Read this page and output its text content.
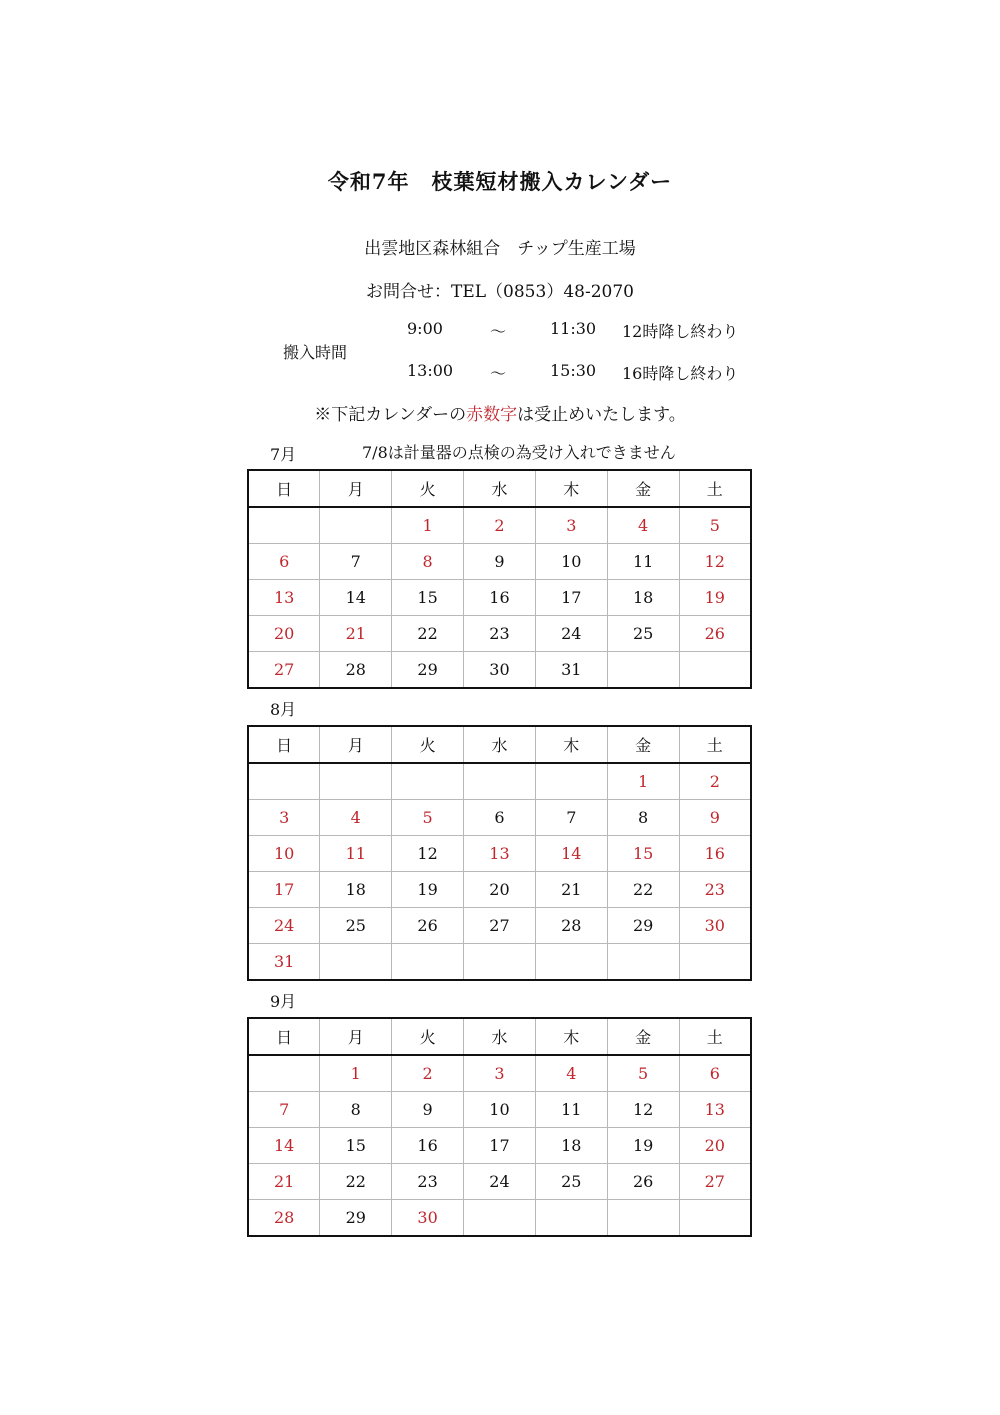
令和7年　枝葉短材搬入カレンダー
出雲地区森林組合　チップ生産工場
お問合せ：TEL（0853）48-2070
搬入時間
9:00	～	11:30 12時降し終わり
13:00 ～	15:30 16時降し終わり
※下記カレンダーの赤数字は受止めいたします。
7月	7/8は計量器の点検の為受け入れできません
日	月	火	水	木	金	土
		1	2	3	4	5
6	7	8	9	10	11	12
13	14	15	16	17	18	19
20	21	22	23	24	25	26
27	28	29	30	31		
8月
日	月	火	水	木	金	土
					1	2
3	4	5	6	7	8	9
10	11	12	13	14	15	16
17	18	19	20	21	22	23
24	25	26	27	28	29	30
31						
9月
日	月	火	水	木	金	土
	1	2	3	4	5	6
7	8	9	10	11	12	13
14	15	16	17	18	19	20
21	22	23	24	25	26	27
28	29	30				
